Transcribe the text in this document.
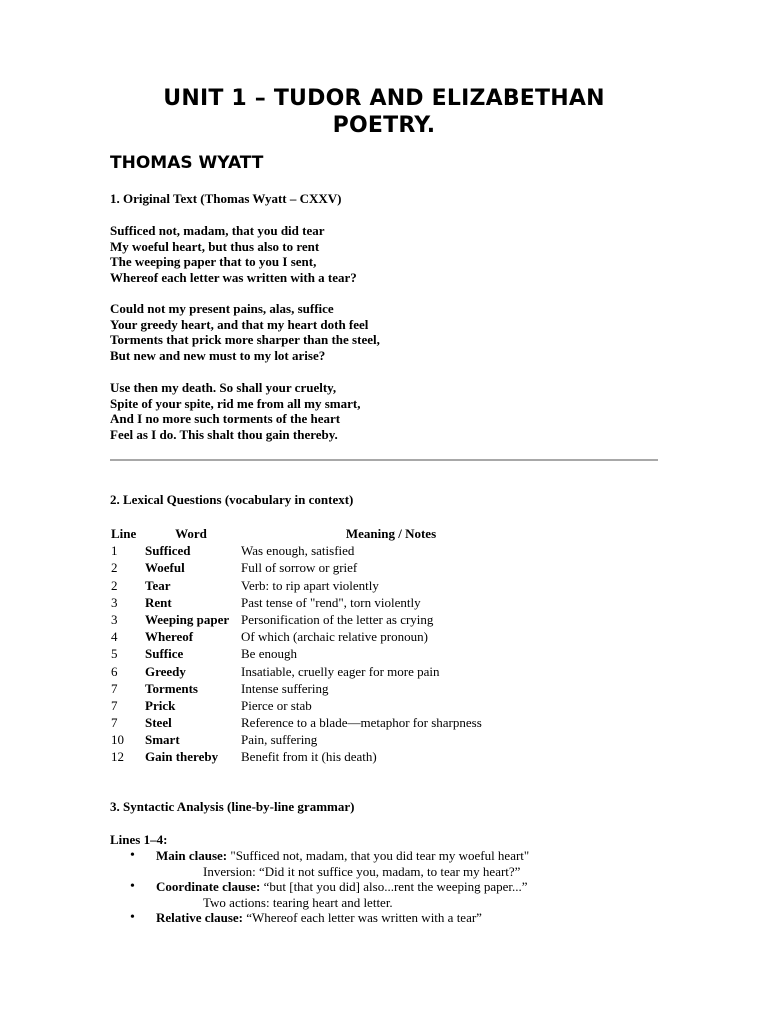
UNIT 1 – TUDOR AND ELIZABETHAN POETRY.
THOMAS WYATT
1. Original Text (Thomas Wyatt – CXXV)
Sufficed not, madam, that you did tear
My woeful heart, but thus also to rent
The weeping paper that to you I sent,
Whereof each letter was written with a tear?
Could not my present pains, alas, suffice
Your greedy heart, and that my heart doth feel
Torments that prick more sharper than the steel,
But new and new must to my lot arise?
Use then my death. So shall your cruelty,
Spite of your spite, rid me from all my smart,
And I no more such torments of the heart
Feel as I do. This shalt thou gain thereby.
2. Lexical Questions (vocabulary in context)
Line	Word	Meaning / Notes
1	Sufficed	Was enough, satisfied
2	Woeful	Full of sorrow or grief
2	Tear	Verb: to rip apart violently
3	Rent	Past tense of "rend", torn violently
3	Weeping paper	Personification of the letter as crying
4	Whereof	Of which (archaic relative pronoun)
5	Suffice	Be enough
6	Greedy	Insatiable, cruelly eager for more pain
7	Torments	Intense suffering
7	Prick	Pierce or stab
7	Steel	Reference to a blade—metaphor for sharpness
10	Smart	Pain, suffering
12	Gain thereby	Benefit from it (his death)
3. Syntactic Analysis (line-by-line grammar)
Lines 1–4:
• Main clause: "Sufficed not, madam, that you did tear my woeful heart"
Inversion: “Did it not suffice you, madam, to tear my heart?”
• Coordinate clause: “but [that you did] also...rent the weeping paper...”
Two actions: tearing heart and letter.
• Relative clause: “Whereof each letter was written with a tear”
